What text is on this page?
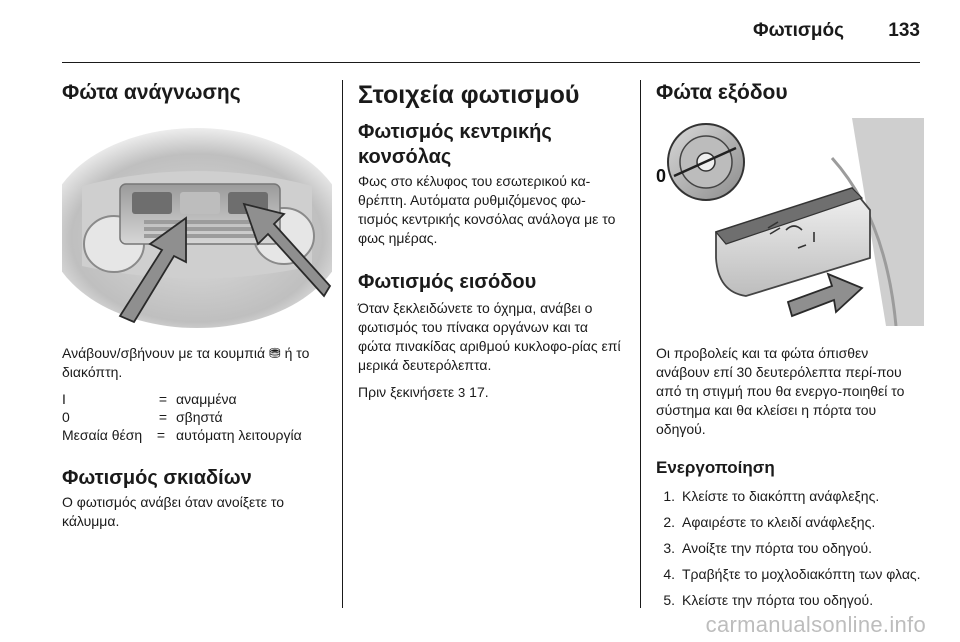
Φωτισμός 133
Φώτα ανάγνωσης

Ανάβουν/σβήνουν με τα κουμπιά ⛃ ή το διακόπτη.

I	= αναμμένα
0	= σβηστά
Μεσαία θέση	= αυτόματη λειτουργία
Φωτισμός σκιαδίων

Ο φωτισμός ανάβει όταν ανοίξετε το κάλυμμα.

Στοιχεία φωτισμού
Φωτισμός κεντρικής κονσόλας

Φως στο κέλυφος του εσωτερικού κα-θρέπτη. Αυτόματα ρυθμιζόμενος φω-τισμός κεντρικής κονσόλας ανάλογα με το φως ημέρας.

Φωτισμός εισόδου

Όταν ξεκλειδώνετε το όχημα, ανάβει ο φωτισμός του πίνακα οργάνων και τα φώτα πινακίδας αριθμού κυκλοφο-ρίας επί μερικά δευτερόλεπτα.

Πριν ξεκινήσετε 3 17.

Φώτα εξόδου
0

Οι προβολείς και τα φώτα όπισθεν ανάβουν επί 30 δευτερόλεπτα περί-που από τη στιγμή που θα ενεργο-ποιηθεί το σύστημα και θα κλείσει η πόρτα του οδηγού.

Ενεργοποίηση
1. Κλείστε το διακόπτη ανάφλεξης.
2. Αφαιρέστε το κλειδί ανάφλεξης.
3. Ανοίξτε την πόρτα του οδηγού.
4. Τραβήξτε το μοχλοδιακόπτη των φλας.
5. Κλείστε την πόρτα του οδηγού.
carmanualsonline.info
